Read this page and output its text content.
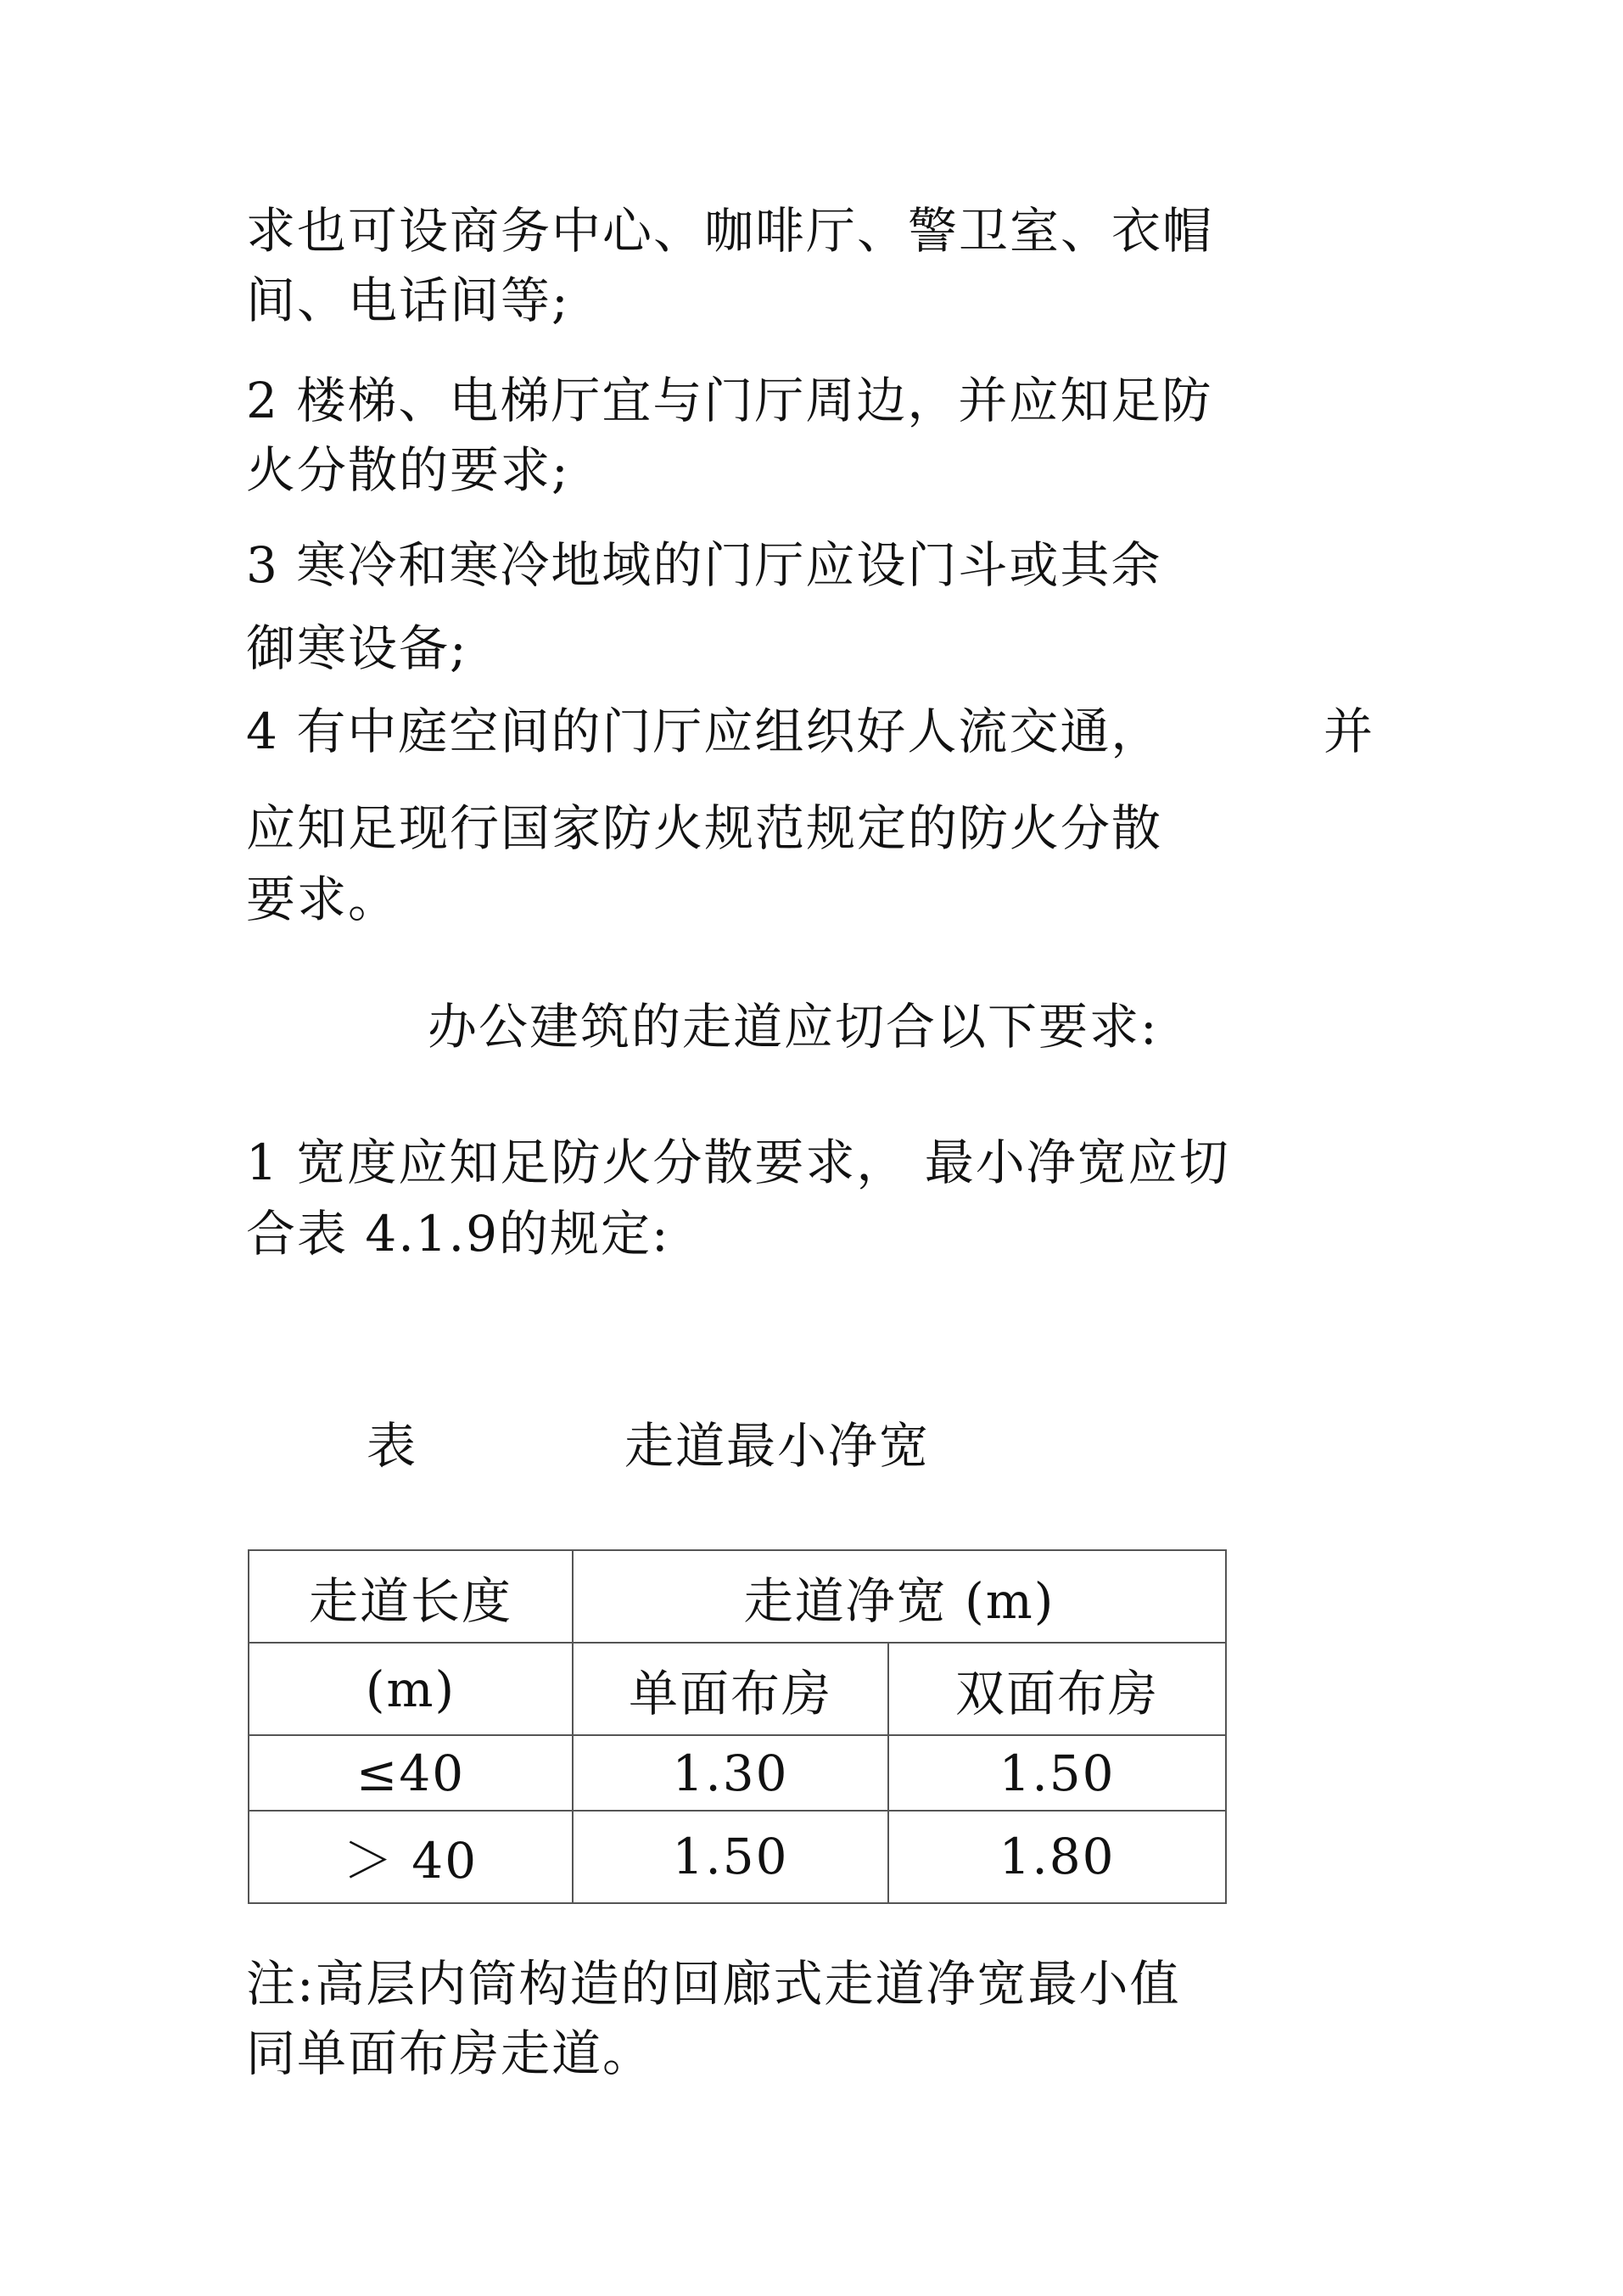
求也可设商务中心、咖啡厅、警卫室、衣帽
间、电话间等;
2 楼梯、电梯厅宜与门厅周边，并应知足防
火分散的要求;
3 寒冷和寒冷地域的门厅应设门斗或其余
御寒设备;
4 有中庭空间的门厅应组织好人流交通，	并
应知足现行国家防火规范规定的防火分散
要求。
办公建筑的走道应切合以下要求:
1 宽度应知足防火分散要求， 最小净宽应切
合表 4.1.9的规定:
表	走道最小净宽
走道长度	走道净宽 (m)	
(m)	单面布房	双面布房
≤40	1.30	1.50
＞ 40	1.50	1.80
注:高层内筒构造的回廊式走道净宽最小值
同单面布房走道。
